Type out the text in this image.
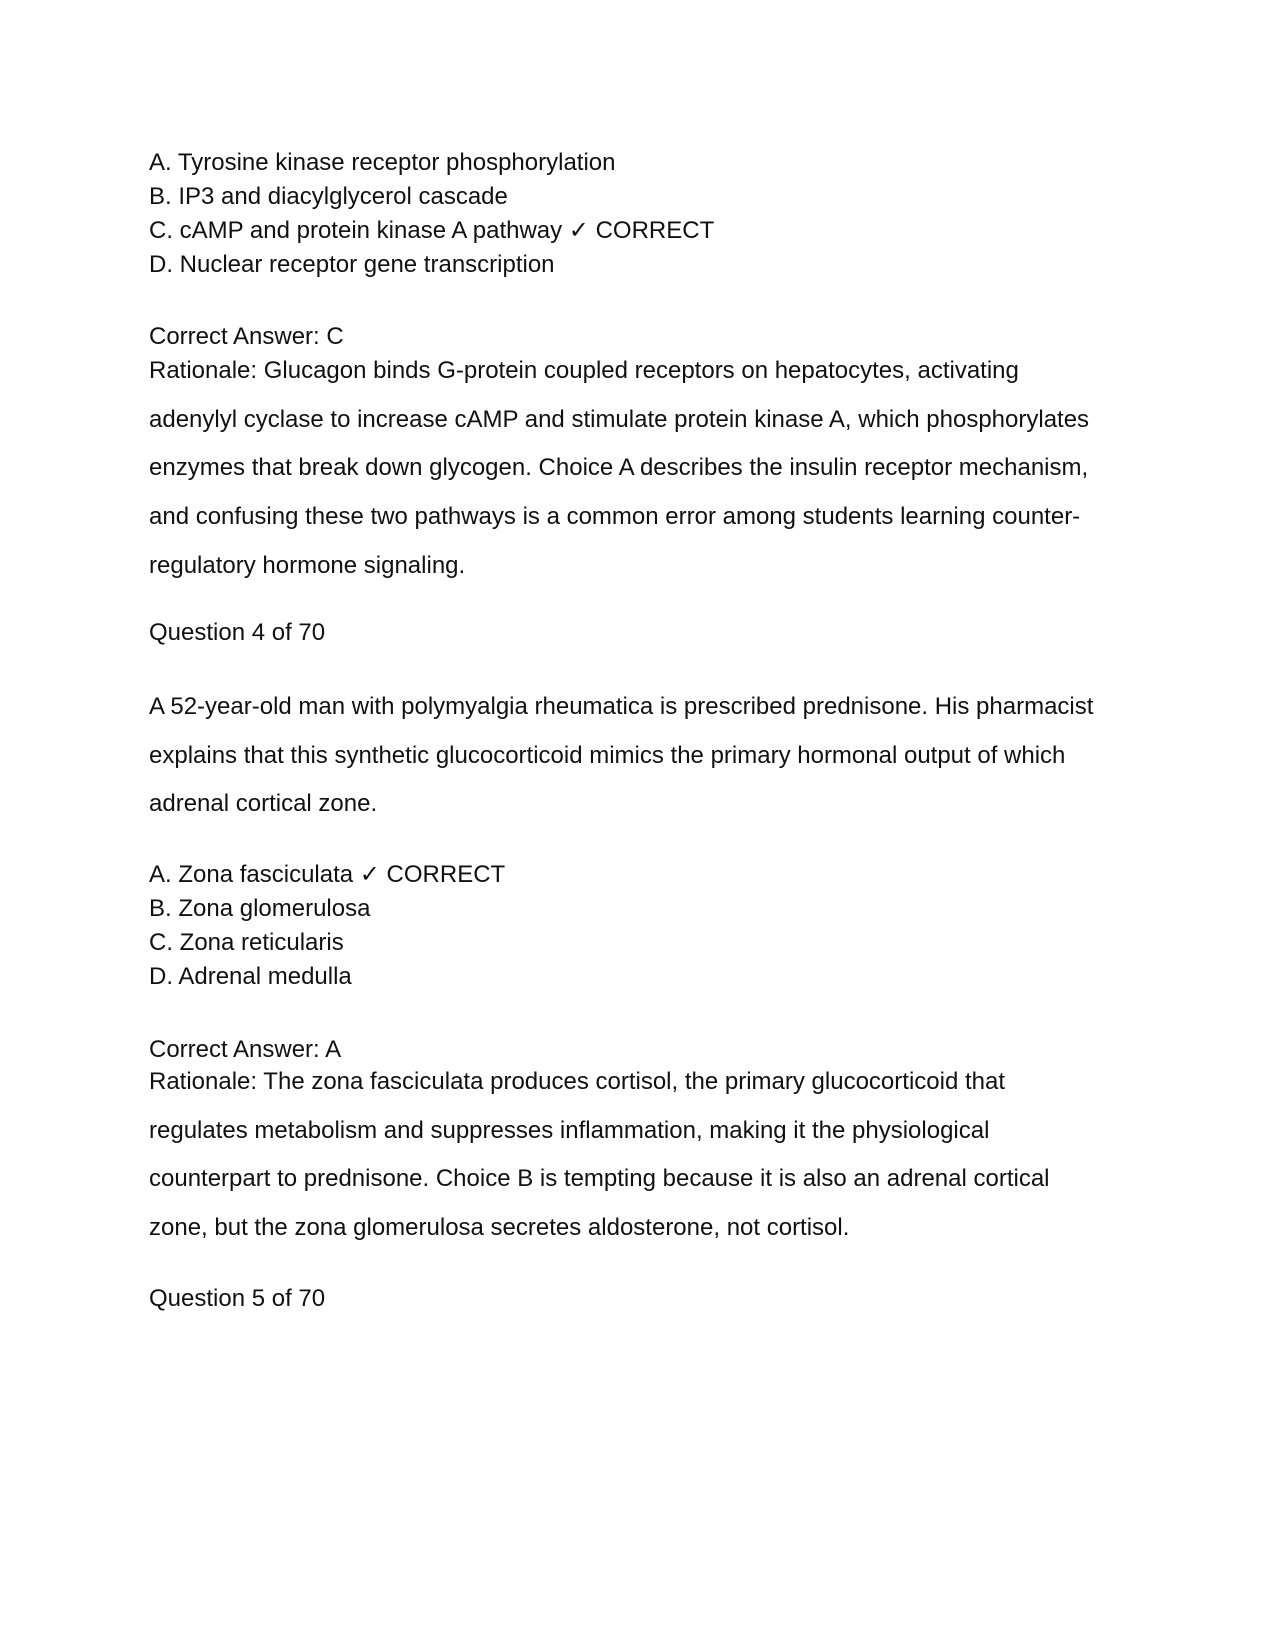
A. Tyrosine kinase receptor phosphorylation
B. IP3 and diacylglycerol cascade
C. cAMP and protein kinase A pathway ✓ CORRECT
D. Nuclear receptor gene transcription
Correct Answer: C
Rationale: Glucagon binds G-protein coupled receptors on hepatocytes, activating adenylyl cyclase to increase cAMP and stimulate protein kinase A, which phosphorylates enzymes that break down glycogen. Choice A describes the insulin receptor mechanism, and confusing these two pathways is a common error among students learning counter-regulatory hormone signaling.
Question 4 of 70
A 52-year-old man with polymyalgia rheumatica is prescribed prednisone. His pharmacist explains that this synthetic glucocorticoid mimics the primary hormonal output of which adrenal cortical zone.
A. Zona fasciculata ✓ CORRECT
B. Zona glomerulosa
C. Zona reticularis
D. Adrenal medulla
Correct Answer: A
Rationale: The zona fasciculata produces cortisol, the primary glucocorticoid that regulates metabolism and suppresses inflammation, making it the physiological counterpart to prednisone. Choice B is tempting because it is also an adrenal cortical zone, but the zona glomerulosa secretes aldosterone, not cortisol.
Question 5 of 70
